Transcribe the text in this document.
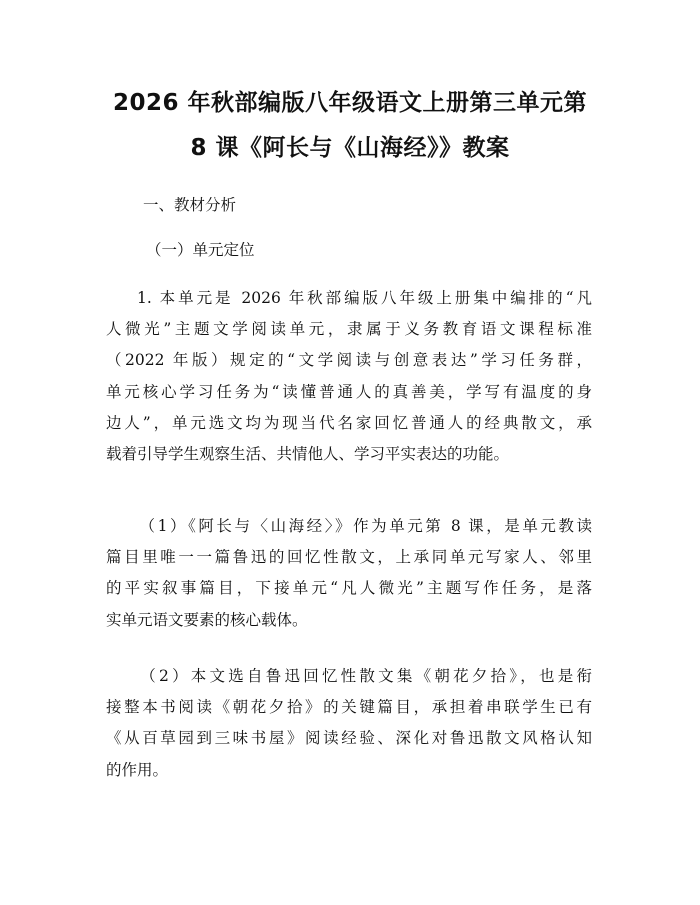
2026 年秋部编版八年级语文上册第三单元第
8 课《阿长与《山海经》》教案
一、教材分析
（一）单元定位
1. 本单元是 2026 年秋部编版八年级上册集中编排的“凡
人微光”主题文学阅读单元，隶属于义务教育语文课程标准
（2022 年版）规定的“文学阅读与创意表达”学习任务群，
单元核心学习任务为“读懂普通人的真善美，学写有温度的身
边人”，单元选文均为现当代名家回忆普通人的经典散文，承
载着引导学生观察生活、共情他人、学习平实表达的功能。
（1）《阿长与〈山海经〉》作为单元第 8 课，是单元教读
篇目里唯一一篇鲁迅的回忆性散文，上承同单元写家人、邻里
的平实叙事篇目，下接单元“凡人微光”主题写作任务，是落
实单元语文要素的核心载体。
（2）本文选自鲁迅回忆性散文集《朝花夕拾》，也是衔
接整本书阅读《朝花夕拾》的关键篇目，承担着串联学生已有
《从百草园到三味书屋》阅读经验、深化对鲁迅散文风格认知
的作用。
